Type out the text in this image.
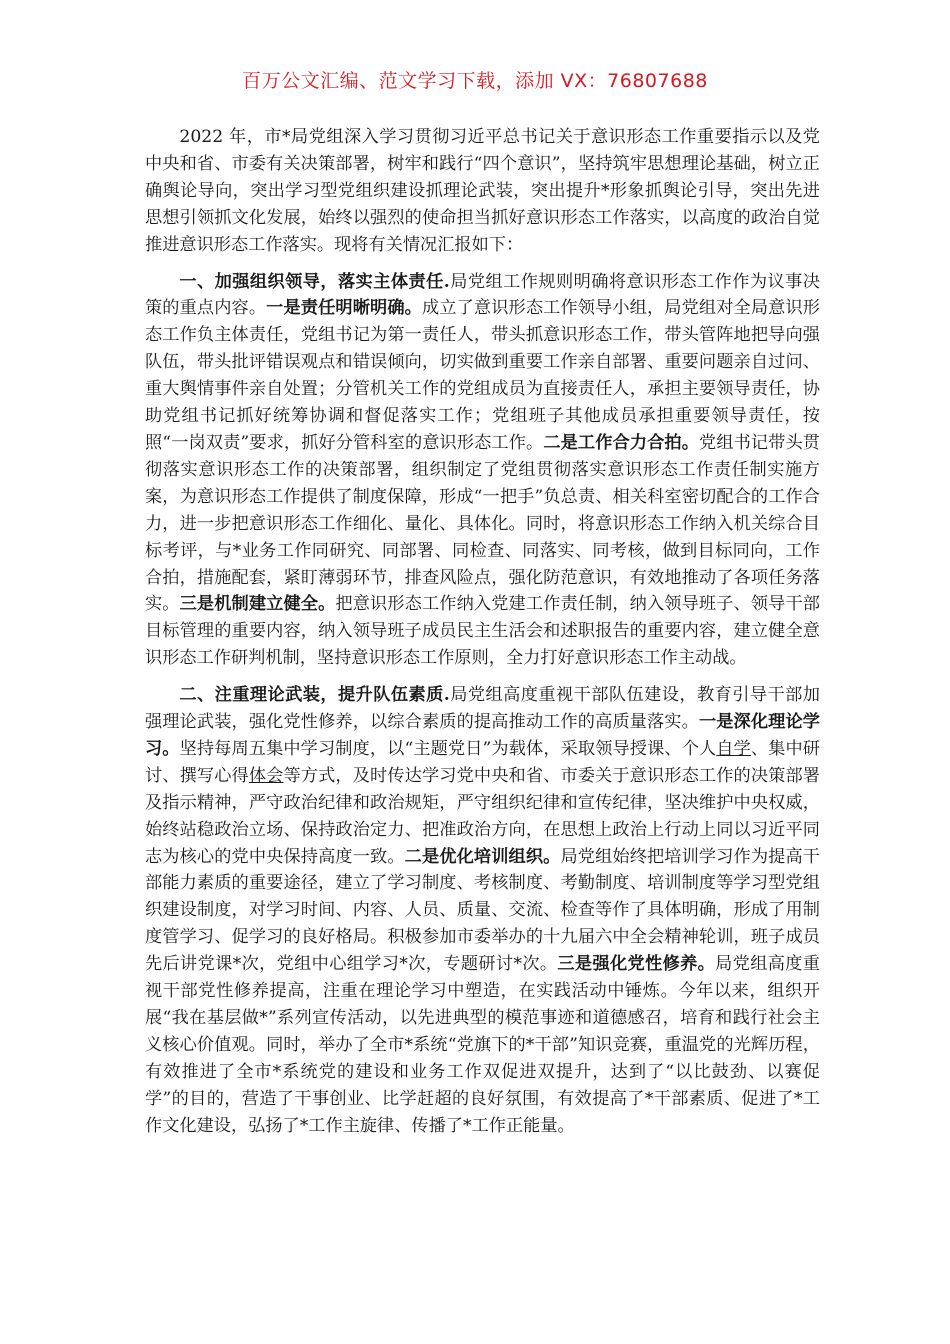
百万公文汇编、范文学习下载，添加 VX：76807688

2022 年，市*局党组深入学习贯彻习近平总书记关于意识形态工作重要指示以及党中央和省、市委有关决策部署，树牢和践行“四个意识”，坚持筑牢思想理论基础，树立正确舆论导向，突出学习型党组织建设抓理论武装，突出提升*形象抓舆论引导，突出先进思想引领抓文化发展，始终以强烈的使命担当抓好意识形态工作落实，以高度的政治自觉推进意识形态工作落实。现将有关情况汇报如下：

一、加强组织领导，落实主体责任.局党组工作规则明确将意识形态工作作为议事决策的重点内容。一是责任明晰明确。成立了意识形态工作领导小组，局党组对全局意识形态工作负主体责任，党组书记为第一责任人，带头抓意识形态工作，带头管阵地把导向强队伍，带头批评错误观点和错误倾向，切实做到重要工作亲自部署、重要问题亲自过问、重大舆情事件亲自处置；分管机关工作的党组成员为直接责任人，承担主要领导责任，协助党组书记抓好统筹协调和督促落实工作；党组班子其他成员承担重要领导责任，按照“一岗双责”要求，抓好分管科室的意识形态工作。二是工作合力合拍。党组书记带头贯彻落实意识形态工作的决策部署，组织制定了党组贯彻落实意识形态工作责任制实施方案，为意识形态工作提供了制度保障，形成“一把手”负总责、相关科室密切配合的工作合力，进一步把意识形态工作细化、量化、具体化。同时，将意识形态工作纳入机关综合目标考评，与*业务工作同研究、同部署、同检查、同落实、同考核，做到目标同向，工作合拍，措施配套，紧盯薄弱环节，排查风险点，强化防范意识，有效地推动了各项任务落实。三是机制建立健全。把意识形态工作纳入党建工作责任制，纳入领导班子、领导干部目标管理的重要内容，纳入领导班子成员民主生活会和述职报告的重要内容，建立健全意识形态工作研判机制，坚持意识形态工作原则，全力打好意识形态工作主动战。

二、注重理论武装，提升队伍素质.局党组高度重视干部队伍建设，教育引导干部加强理论武装，强化党性修养，以综合素质的提高推动工作的高质量落实。一是深化理论学习。坚持每周五集中学习制度，以“主题党日”为载体，采取领导授课、个人自学、集中研讨、撰写心得体会等方式，及时传达学习党中央和省、市委关于意识形态工作的决策部署及指示精神，严守政治纪律和政治规矩，严守组织纪律和宣传纪律，坚决维护中央权威，始终站稳政治立场、保持政治定力、把准政治方向，在思想上政治上行动上同以习近平同志为核心的党中央保持高度一致。二是优化培训组织。局党组始终把培训学习作为提高干部能力素质的重要途径，建立了学习制度、考核制度、考勤制度、培训制度等学习型党组织建设制度，对学习时间、内容、人员、质量、交流、检查等作了具体明确，形成了用制度管学习、促学习的良好格局。积极参加市委举办的十九届六中全会精神轮训，班子成员先后讲党课*次，党组中心组学习*次，专题研讨*次。三是强化党性修养。局党组高度重视干部党性修养提高，注重在理论学习中塑造，在实践活动中锤炼。今年以来，组织开展“我在基层做*”系列宣传活动，以先进典型的模范事迹和道德感召，培育和践行社会主义核心价值观。同时，举办了全市*系统“党旗下的*干部”知识竞赛，重温党的光辉历程，有效推进了全市*系统党的建设和业务工作双促进双提升，达到了“以比鼓劲、以赛促学”的目的，营造了干事创业、比学赶超的良好氛围，有效提高了*干部素质、促进了*工作文化建设，弘扬了*工作主旋律、传播了*工作正能量。
